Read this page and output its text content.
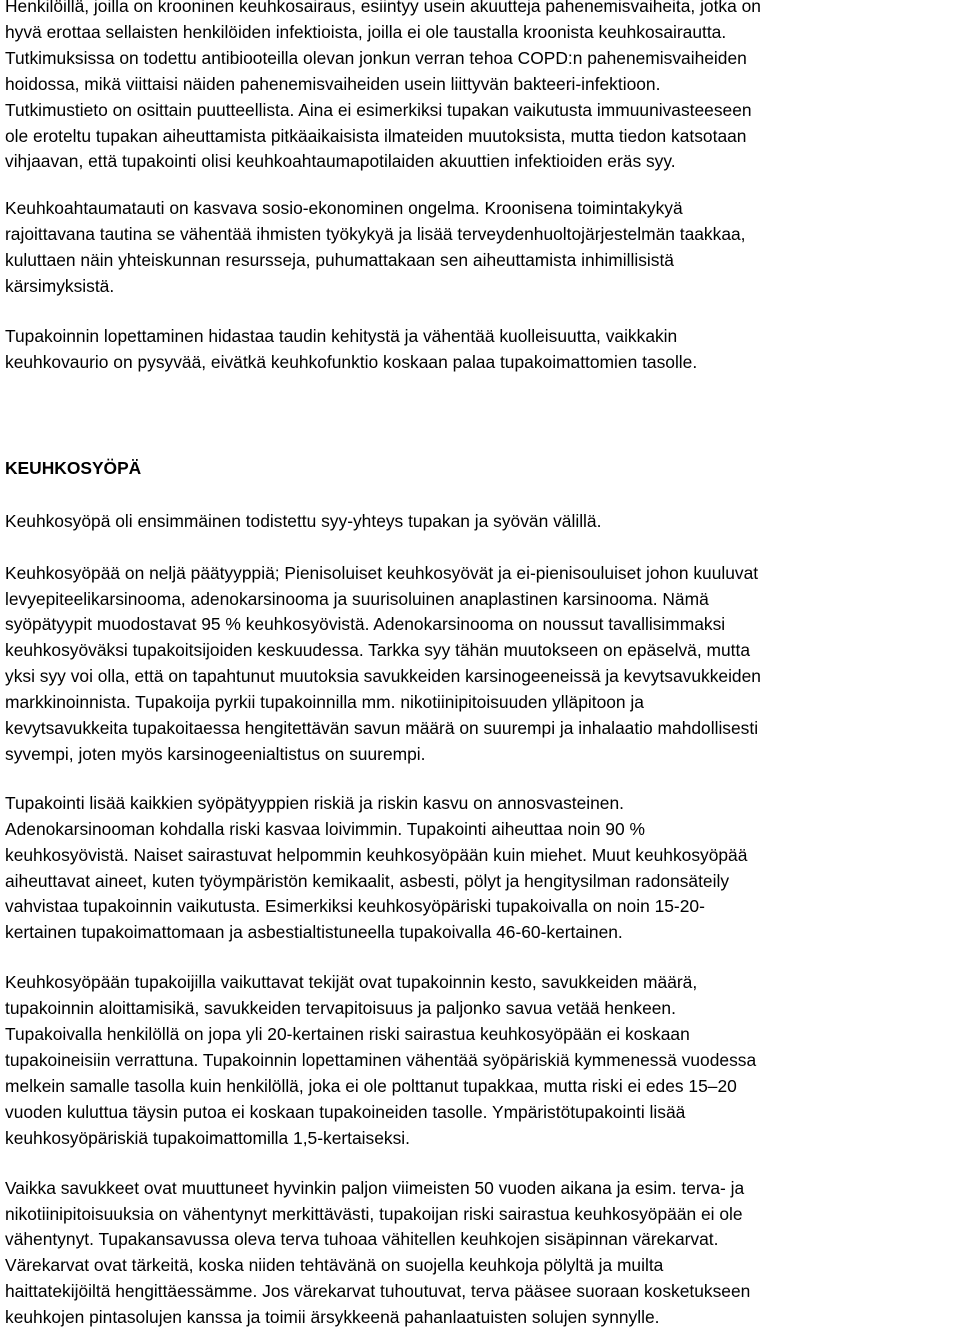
Henkilöillä, joilla on krooninen keuhkosairaus, esiintyy usein akuutteja pahenemisvaiheita, jotka on
hyvä erottaa sellaisten henkilöiden infektioista, joilla ei ole taustalla kroonista keuhkosairautta.
Tutkimuksissa on todettu antibiooteilla olevan jonkun verran tehoa COPD:n pahenemisvaiheiden
hoidossa, mikä viittaisi näiden pahenemisvaiheiden usein liittyvän bakteeri-infektioon.
Tutkimustieto on osittain puutteellista. Aina ei esimerkiksi tupakan vaikutusta immuunivasteeseen
ole eroteltu tupakan aiheuttamista pitkäaikaisista ilmateiden muutoksista, mutta tiedon katsotaan
vihjaavan, että tupakointi olisi keuhkoahtaumapotilaiden akuuttien infektioiden eräs syy.
Keuhkoahtaumatauti on kasvava sosio-ekonominen ongelma. Kroonisena toimintakykyä
rajoittavana tautina se vähentää ihmisten työkykyä ja lisää terveydenhuoltojärjestelmän taakkaa,
kuluttaen näin yhteiskunnan resursseja, puhumattakaan sen aiheuttamista inhimillisistä
kärsimyksistä.
Tupakoinnin lopettaminen hidastaa taudin kehitystä ja vähentää kuolleisuutta, vaikkakin
keuhkovaurio on pysyvää, eivätkä keuhkofunktio koskaan palaa tupakoimattomien tasolle.
KEUHKOSYÖPÄ
Keuhkosyöpä oli ensimmäinen todistettu syy-yhteys tupakan ja syövän välillä.
Keuhkosyöpää on neljä päätyyppiä; Pienisoluiset keuhkosyövät ja ei-pienisouluiset johon kuuluvat
levyepiteelikarsinooma, adenokarsinooma ja suurisoluinen anaplastinen karsinooma. Nämä
syöpätyypit muodostavat 95 % keuhkosyövistä. Adenokarsinooma on noussut tavallisimmaksi
keuhkosyöväksi tupakoitsijoiden keskuudessa. Tarkka syy tähän muutokseen on epäselvä, mutta
yksi syy voi olla, että on tapahtunut muutoksia savukkeiden karsinogeeneissä ja kevytsavukkeiden
markkinoinnista. Tupakoija pyrkii tupakoinnilla mm. nikotiinipitoisuuden ylläpitoon ja
kevytsavukkeita tupakoitaessa hengitettävän savun määrä on suurempi ja inhalaatio mahdollisesti
syvempi, joten myös karsinogeenialtistus on suurempi.
Tupakointi lisää kaikkien syöpätyyppien riskiä ja riskin kasvu on annosvasteinen.
Adenokarsinooman kohdalla riski kasvaa loivimmin. Tupakointi aiheuttaa noin 90 %
keuhkosyövistä. Naiset sairastuvat helpommin keuhkosyöpään kuin miehet. Muut keuhkosyöpää
aiheuttavat aineet, kuten työympäristön kemikaalit, asbesti, pölyt ja hengitysilman radonsäteily
vahvistaa tupakoinnin vaikutusta. Esimerkiksi keuhkosyöpäriski tupakoivalla on noin 15-20-
kertainen tupakoimattomaan ja asbestialtistuneella tupakoivalla 46-60-kertainen.
Keuhkosyöpään tupakoijilla vaikuttavat tekijät ovat tupakoinnin kesto, savukkeiden määrä,
tupakoinnin aloittamisikä, savukkeiden tervapitoisuus ja paljonko savua vetää henkeen.
Tupakoivalla henkilöllä on jopa yli 20-kertainen riski sairastua keuhkosyöpään ei koskaan
tupakoineisiin verrattuna. Tupakoinnin lopettaminen vähentää syöpäriskiä kymmenessä vuodessa
melkein samalle tasolla kuin henkilöllä, joka ei ole polttanut tupakkaa, mutta riski ei edes 15–20
vuoden kuluttua täysin putoa ei koskaan tupakoineiden tasolle. Ympäristötupakointi lisää
keuhkosyöpäriskiä tupakoimattomilla 1,5-kertaiseksi.
Vaikka savukkeet ovat muuttuneet hyvinkin paljon viimeisten 50 vuoden aikana ja esim. terva- ja
nikotiinipitoisuuksia on vähentynyt merkittävästi, tupakoijan riski sairastua keuhkosyöpään ei ole
vähentynyt. Tupakansavussa oleva terva tuhoaa vähitellen keuhkojen sisäpinnan värekarvat.
Värekarvat ovat tärkeitä, koska niiden tehtävänä on suojella keuhkoja pölyltä ja muilta
haittatekijöiltä hengittäessämme. Jos värekarvat tuhoutuvat, terva pääsee suoraan kosketukseen
keuhkojen pintasolujen kanssa ja toimii ärsykkeenä pahanlaatuisten solujen synnylle.
